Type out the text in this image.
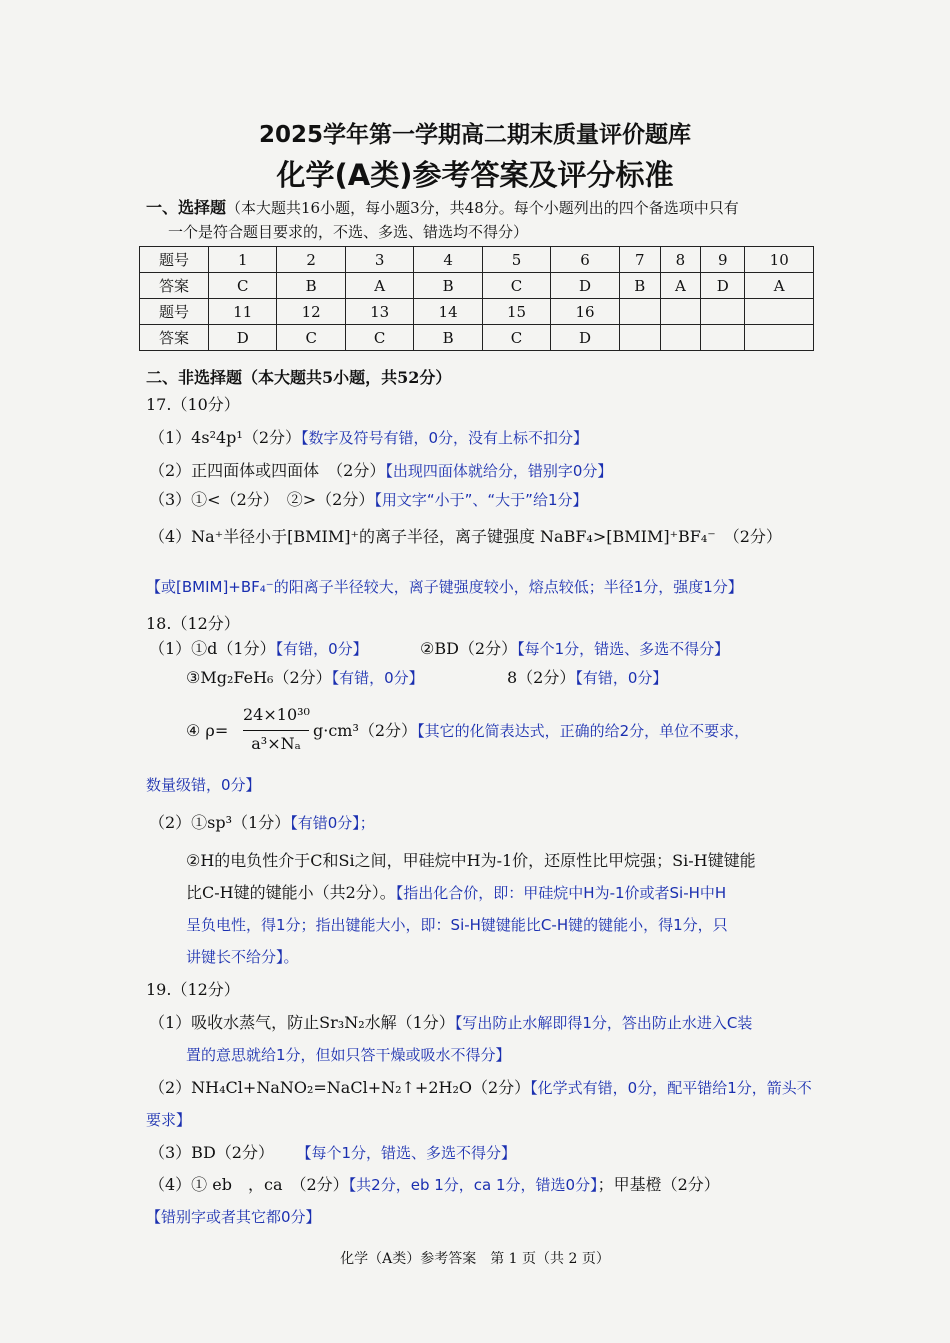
2025学年第一学期高二期末质量评价题库
化学(A类)参考答案及评分标准
一、选择题（本大题共16小题，每小题3分，共48分。每个小题列出的四个备选项中只有
一个是符合题目要求的，不选、多选、错选均不得分）
题号	1	2	3	4	5	6	7	8	9	10
答案	C	B	A	B	C	D	B	A	D	A
题号	11	12	13	14	15	16				
答案	D	C	C	B	C	D				
二、非选择题（本大题共5小题，共52分）
17.（10分）
（1）4s²4p¹（2分）【数字及符号有错，0分，没有上标不扣分】
（2）正四面体或四面体　（2分）【出现四面体就给分，错别字0分】
（3）①<（2分）　②>（2分）【用文字“小于”、“大于”给1分】
（4）Na⁺半径小于[BMIM]⁺的离子半径，离子键强度 NaBF₄>[BMIM]⁺BF₄⁻　（2分）
【或[BMIM]+BF₄⁻的阳离子半径较大，离子键强度较小，熔点较低；半径1分，强度1分】
18.（12分）
（1）①d（1分）【有错，0分】	②BD（2分）【每个1分，错选、多选不得分】
③Mg₂FeH₆（2分）【有错，0分】	8（2分）【有错，0分】
④ ρ=
24×10³⁰
a³×Nₐ
g·cm³（2分）【其它的化简表达式，正确的给2分，单位不要求，
数量级错，0分】
（2）①sp³（1分）【有错0分】；
②H的电负性介于C和Si之间，甲硅烷中H为-1价，还原性比甲烷强；Si-H键键能
比C-H键的键能小（共2分）。【指出化合价，即：甲硅烷中H为-1价或者Si-H中H
呈负电性，得1分；指出键能大小，即：Si-H键键能比C-H键的键能小，得1分，只
讲键长不给分】。
19.（12分）
（1）吸收水蒸气，防止Sr₃N₂水解（1分）【写出防止水解即得1分，答出防止水进入C装
置的意思就给1分，但如只答干燥或吸水不得分】
（2）NH₄Cl+NaNO₂=NaCl+N₂↑+2H₂O（2分）【化学式有错，0分，配平错给1分，箭头不
要求】
（3）BD（2分） 【每个1分，错选、多选不得分】
（4）① eb　，ca　（2分）【共2分，eb 1分，ca 1分，错选0分】；甲基橙（2分）
【错别字或者其它都0分】
化学（A类）参考答案　第 1 页（共 2 页）
